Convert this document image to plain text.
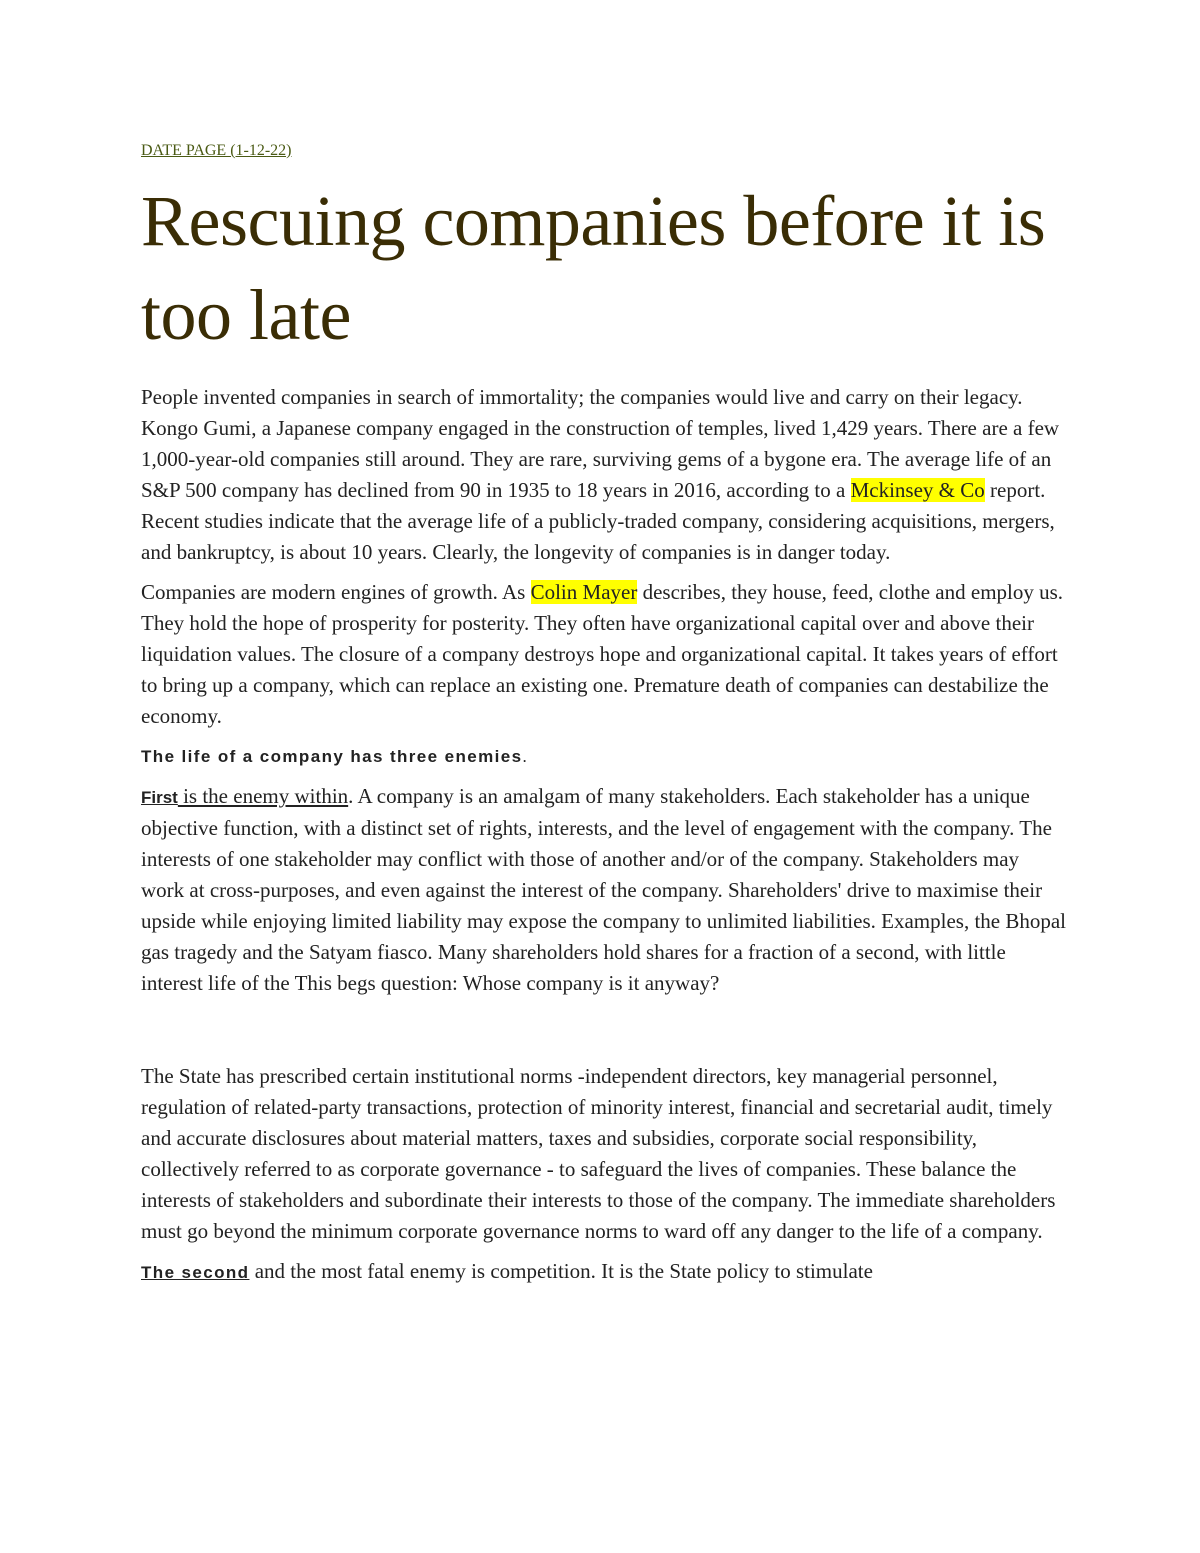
DATE PAGE (1-12-22)
Rescuing companies before it is too late

People invented companies in search of immortality; the companies would live and carry on their legacy. Kongo Gumi, a Japanese company engaged in the construction of temples, lived 1,429 years. There are a few 1,000-year-old companies still around. They are rare, surviving gems of a bygone era. The average life of an S&P 500 company has declined from 90 in 1935 to 18 years in 2016, according to a Mckinsey & Co report. Recent studies indicate that the average life of a publicly-traded company, considering acquisitions, mergers, and bankruptcy, is about 10 years. Clearly, the longevity of companies is in danger today.

Companies are modern engines of growth. As Colin Mayer describes, they house, feed, clothe and employ us. They hold the hope of prosperity for posterity. They often have organizational capital over and above their liquidation values. The closure of a company destroys hope and organizational capital. It takes years of effort to bring up a company, which can replace an existing one. Premature death of companies can destabilize the economy.

The life of a company has three enemies.

First is the enemy within. A company is an amalgam of many stakeholders. Each stakeholder has a unique objective function, with a distinct set of rights, interests, and the level of engagement with the company. The interests of one stakeholder may conflict with those of another and/or of the company. Stakeholders may work at cross-purposes, and even against the interest of the company. Shareholders' drive to maximise their upside while enjoying limited liability may expose the company to unlimited liabilities. Examples, the Bhopal gas tragedy and the Satyam fiasco. Many shareholders hold shares for a fraction of a second, with little interest life of the This begs question: Whose company is it anyway?

The State has prescribed certain institutional norms -independent directors, key managerial personnel, regulation of related-party transactions, protection of minority interest, financial and secretarial audit, timely and accurate disclosures about material matters, taxes and subsidies, corporate social responsibility, collectively referred to as corporate governance - to safeguard the lives of companies. These balance the interests of stakeholders and subordinate their interests to those of the company. The immediate shareholders must go beyond the minimum corporate governance norms to ward off any danger to the life of a company.

The second and the most fatal enemy is competition. It is the State policy to stimulate
